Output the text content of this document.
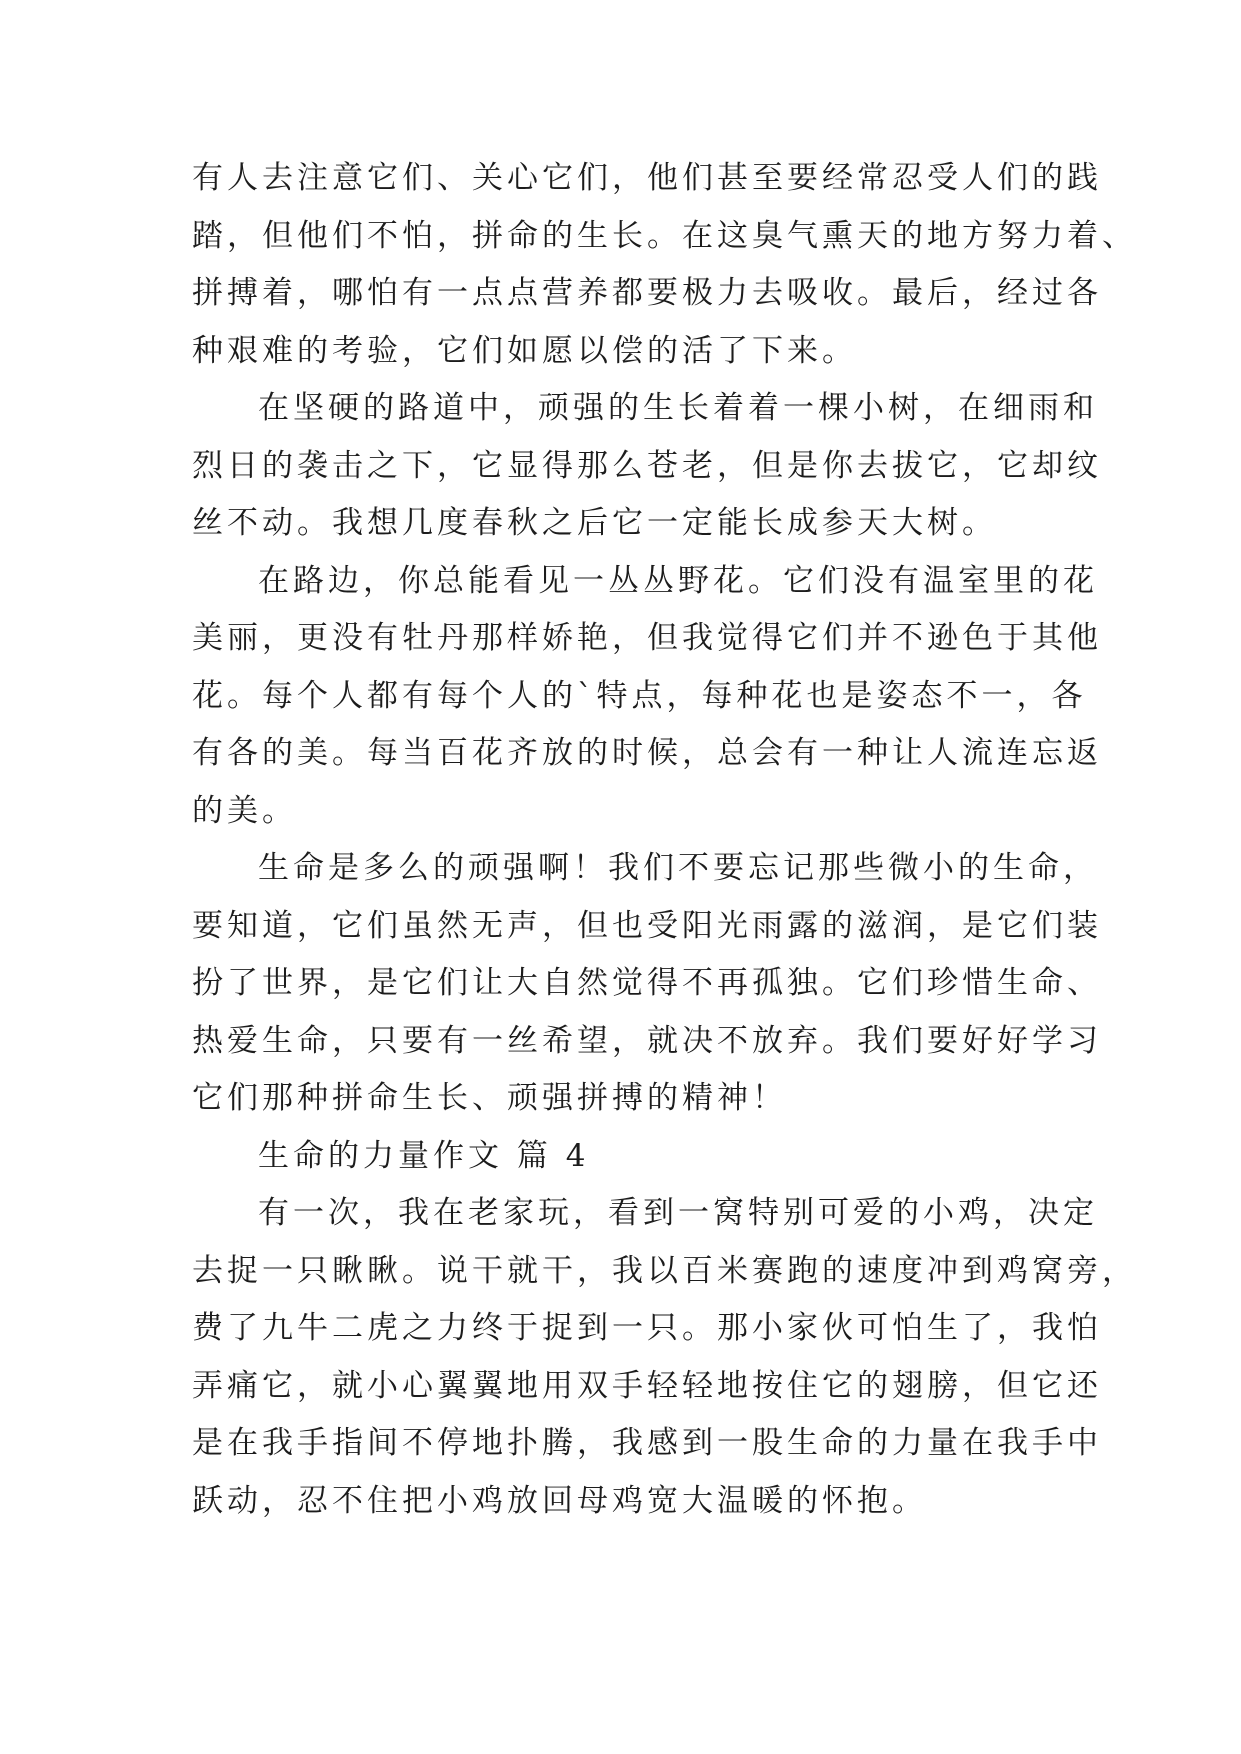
有人去注意它们、关心它们，他们甚至要经常忍受人们的践
踏，但他们不怕，拼命的生长。在这臭气熏天的地方努力着、
拼搏着，哪怕有一点点营养都要极力去吸收。最后，经过各
种艰难的考验，它们如愿以偿的活了下来。
在坚硬的路道中，顽强的生长着着一棵小树，在细雨和
烈日的袭击之下，它显得那么苍老，但是你去拔它，它却纹
丝不动。我想几度春秋之后它一定能长成参天大树。
在路边，你总能看见一丛丛野花。它们没有温室里的花
美丽，更没有牡丹那样娇艳，但我觉得它们并不逊色于其他
花。每个人都有每个人的`特点，每种花也是姿态不一，各
有各的美。每当百花齐放的时候，总会有一种让人流连忘返
的美。
生命是多么的顽强啊！我们不要忘记那些微小的生命，
要知道，它们虽然无声，但也受阳光雨露的滋润，是它们装
扮了世界，是它们让大自然觉得不再孤独。它们珍惜生命、
热爱生命，只要有一丝希望，就决不放弃。我们要好好学习
它们那种拼命生长、顽强拼搏的精神！
生命的力量作文 篇 4
有一次，我在老家玩，看到一窝特别可爱的小鸡，决定
去捉一只瞅瞅。说干就干，我以百米赛跑的速度冲到鸡窝旁，
费了九牛二虎之力终于捉到一只。那小家伙可怕生了，我怕
弄痛它，就小心翼翼地用双手轻轻地按住它的翅膀，但它还
是在我手指间不停地扑腾，我感到一股生命的力量在我手中
跃动，忍不住把小鸡放回母鸡宽大温暖的怀抱。
